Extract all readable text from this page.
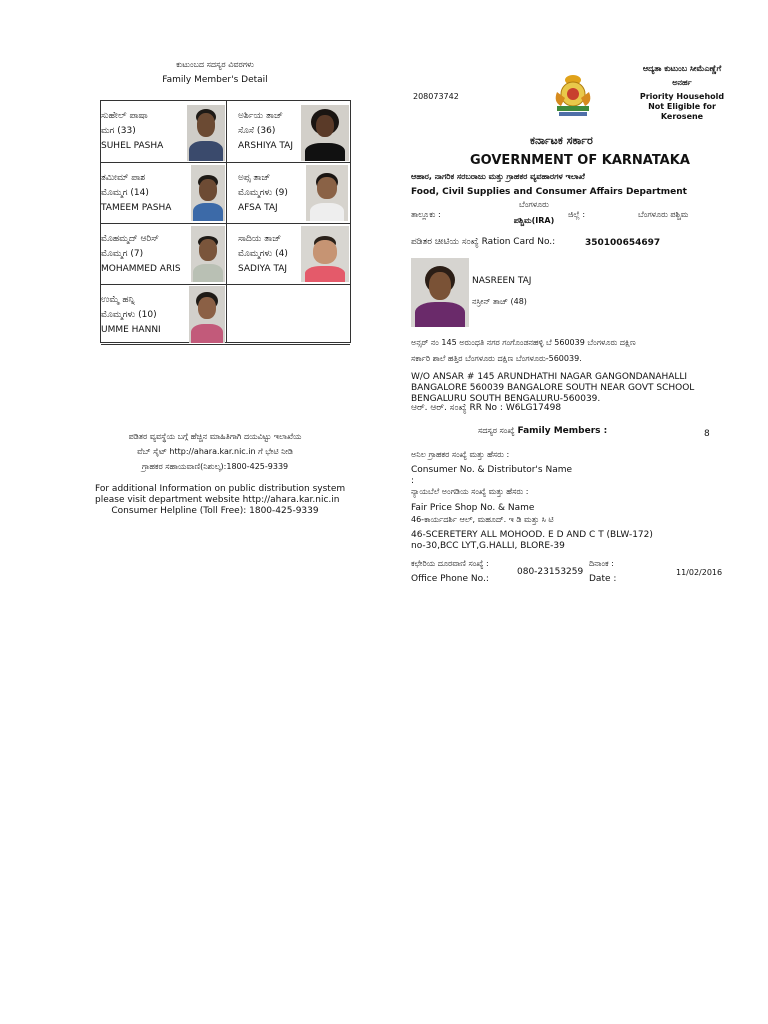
ಕುಟುಂಬದ ಸದಸ್ಯರ ವಿವರಗಳು
Family Member's Detail
ಸುಹೇಲ್ ಪಾಷಾ
ಮಗ (33)
SUHEL PASHA
ಅರ್ಶಿಯ ತಾಜ್
ಸೊಸೆ (36)
ARSHIYA TAJ
ತಮೀಮ್ ಪಾಶ
ಮೊಮ್ಮಗ (14)
TAMEEM PASHA
ಅಪ್ಸ ತಾಜ್
ಮೊಮ್ಮಗಳು (9)
AFSA TAJ
ಮೊಹಮ್ಮದ್ ಆರಿಸ್
ಮೊಮ್ಮಗ (7)
MOHAMMED ARIS
ಸಾದಿಯ ತಾಜ್
ಮೊಮ್ಮಗಳು (4)
SADIYA TAJ
ಉಮ್ಮೆ ಹನ್ನಿ
ಮೊಮ್ಮಗಳು (10)
UMME HANNI
ಪಡಿತರ ವ್ಯವಸ್ಥೆಯ ಬಗ್ಗೆ ಹೆಚ್ಚಿನ ಮಾಹಿತಿಗಾಗಿ ದಯವಿಟ್ಟು ಇಲಾಖೆಯ
ವೆಬ್ ಸೈಟ್ http://ahara.kar.nic.in ಗೆ ಭೇಟಿ ನೀಡಿ
ಗ್ರಾಹಕರ ಸಹಾಯವಾಣಿ(ನಿಶುಲ್ಕ):1800-425-9339
For additional Information on public distribution system
please visit department website http://ahara.kar.nic.in
Consumer Helpline (Toll Free): 1800-425-9339
208073742
ಆದ್ಯತಾ ಕುಟುಂಬ ಸೀಮೆಎಣ್ಣೆಗೆ
ಅನರ್ಹ
Priority Household
Not Eligible for
Kerosene
ಕರ್ನಾಟಕ ಸರ್ಕಾರ
GOVERNMENT OF KARNATAKA
ಆಹಾರ, ನಾಗರಿಕ ಸರಬರಾಜು ಮತ್ತು ಗ್ರಾಹಕರ ವ್ಯವಹಾರಗಳ ಇಲಾಖೆ
Food, Civil Supplies and Consumer Affairs Department
ತಾಲ್ಲೂಕು :
ಬೆಂಗಳೂರು
ಪಶ್ಚಿಮ(IRA)
ಜಿಲ್ಲೆ :	ಬೆಂಗಳೂರು ಪಶ್ಚಿಮ
ಪಡಿತರ ಚೀಟಿಯ ಸಂಖ್ಯೆ Ration Card No.:	350100654697
NASREEN TAJ
ನಸ್ರೀನ್ ತಾಜ್ (48)
ಅನ್ಸರ್ ನಂ 145 ಅರುಂಧತಿ ನಗರ ಗಂಗೊಂಡನಹಳ್ಳಿ ಬೆ 560039 ಬೆಂಗಳೂರು ದಕ್ಷಿಣ
ಸರ್ಕಾರಿ ಶಾಲೆ ಹತ್ತಿರ ಬೆಂಗಳೂರು ದಕ್ಷಿಣ ಬೆಂಗಳೂರು-560039.
W/O ANSAR # 145 ARUNDHATHI NAGAR GANGONDANAHALLI
BANGALORE 560039 BANGALORE SOUTH NEAR GOVT SCHOOL
BENGALURU SOUTH BENGALURU-560039.
ಆರ್. ಆರ್. ಸಂಖ್ಯೆ RR No : W6LG17498
ಸದಸ್ಯರ ಸಂಖ್ಯೆ Family Members :	8
ಅನಿಲ ಗ್ರಾಹಕರ ಸಂಖ್ಯೆ ಮತ್ತು ಹೆಸರು :
Consumer No. & Distributor's Name
:
ನ್ಯಾಯಬೆಲೆ ಅಂಗಡಿಯ ಸಂಖ್ಯೆ ಮತ್ತು ಹೆಸರು :
Fair Price Shop No. & Name
46-ಕಾರ್ಯದರ್ಶಿ ಆಲ್, ಮಹೂದ್. ಇ ಡಿ ಮತ್ತು ಸಿ ಟಿ
46-SCERETERY ALL MOHOOD. E D AND C T (BLW-172)
no-30,BCC LYT,G.HALLI, BLORE-39
ಕಛೇರಿಯ ದೂರವಾಣಿ ಸಂಖ್ಯೆ :
Office Phone No.:
080-23153259
ದಿನಾಂಕ :
Date :
11/02/2016
